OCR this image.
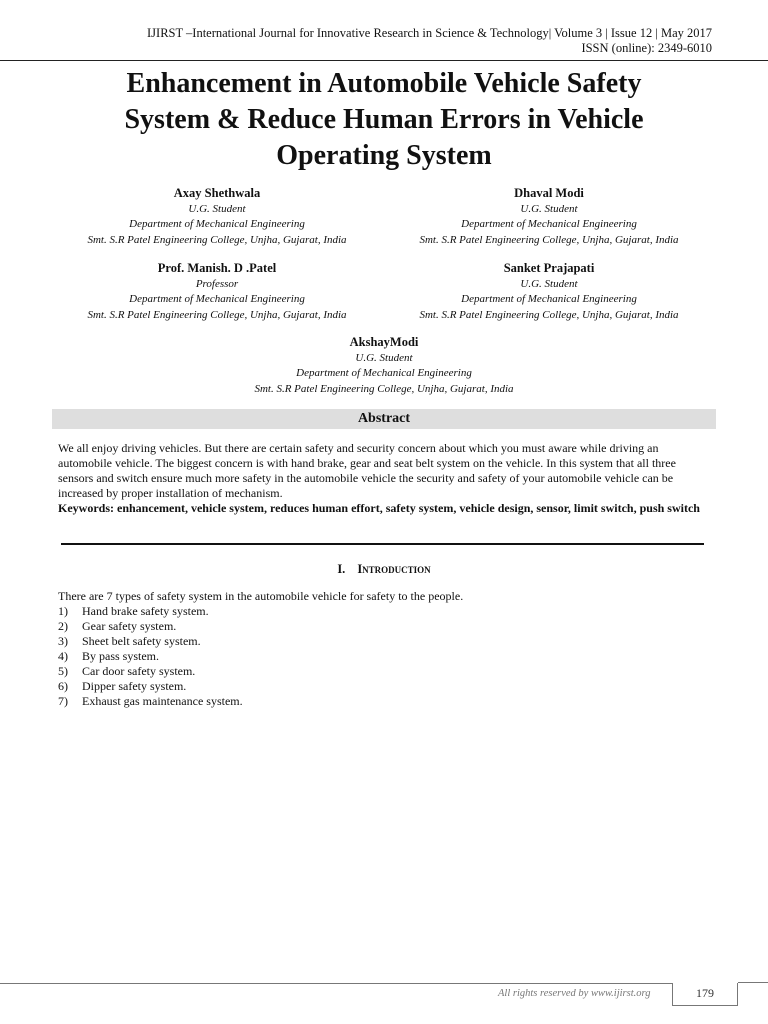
IJIRST –International Journal for Innovative Research in Science & Technology| Volume 3 | Issue 12 | May 2017
ISSN (online): 2349-6010
Enhancement in Automobile Vehicle Safety
System & Reduce Human Errors in Vehicle
Operating System
Axay Shethwala
U.G. Student
Department of Mechanical Engineering
Smt. S.R Patel Engineering College, Unjha, Gujarat, India
Dhaval Modi
U.G. Student
Department of Mechanical Engineering
Smt. S.R Patel Engineering College, Unjha, Gujarat, India
Prof. Manish. D .Patel
Professor
Department of Mechanical Engineering
Smt. S.R Patel Engineering College, Unjha, Gujarat, India
Sanket Prajapati
U.G. Student
Department of Mechanical Engineering
Smt. S.R Patel Engineering College, Unjha, Gujarat, India
AkshayModi
U.G. Student
Department of Mechanical Engineering
Smt. S.R Patel Engineering College, Unjha, Gujarat, India
Abstract
We all enjoy driving vehicles. But there are certain safety and security concern about which you must aware while driving an automobile vehicle. The biggest concern is with hand brake, gear and seat belt system on the vehicle. In this system that all three sensors and switch ensure much more safety in the automobile vehicle the security and safety of your automobile vehicle can be increased by proper installation of mechanism.
Keywords: enhancement, vehicle system, reduces human effort, safety system, vehicle design, sensor, limit switch, push switch
I. Introduction
There are 7 types of safety system in the automobile vehicle for safety to the people.
1)	Hand brake safety system.
2)	Gear safety system.
3)	Sheet belt safety system.
4)	By pass system.
5)	Car door safety system.
6)	Dipper safety system.
7)	Exhaust gas maintenance system.
All rights reserved by www.ijirst.org	179
